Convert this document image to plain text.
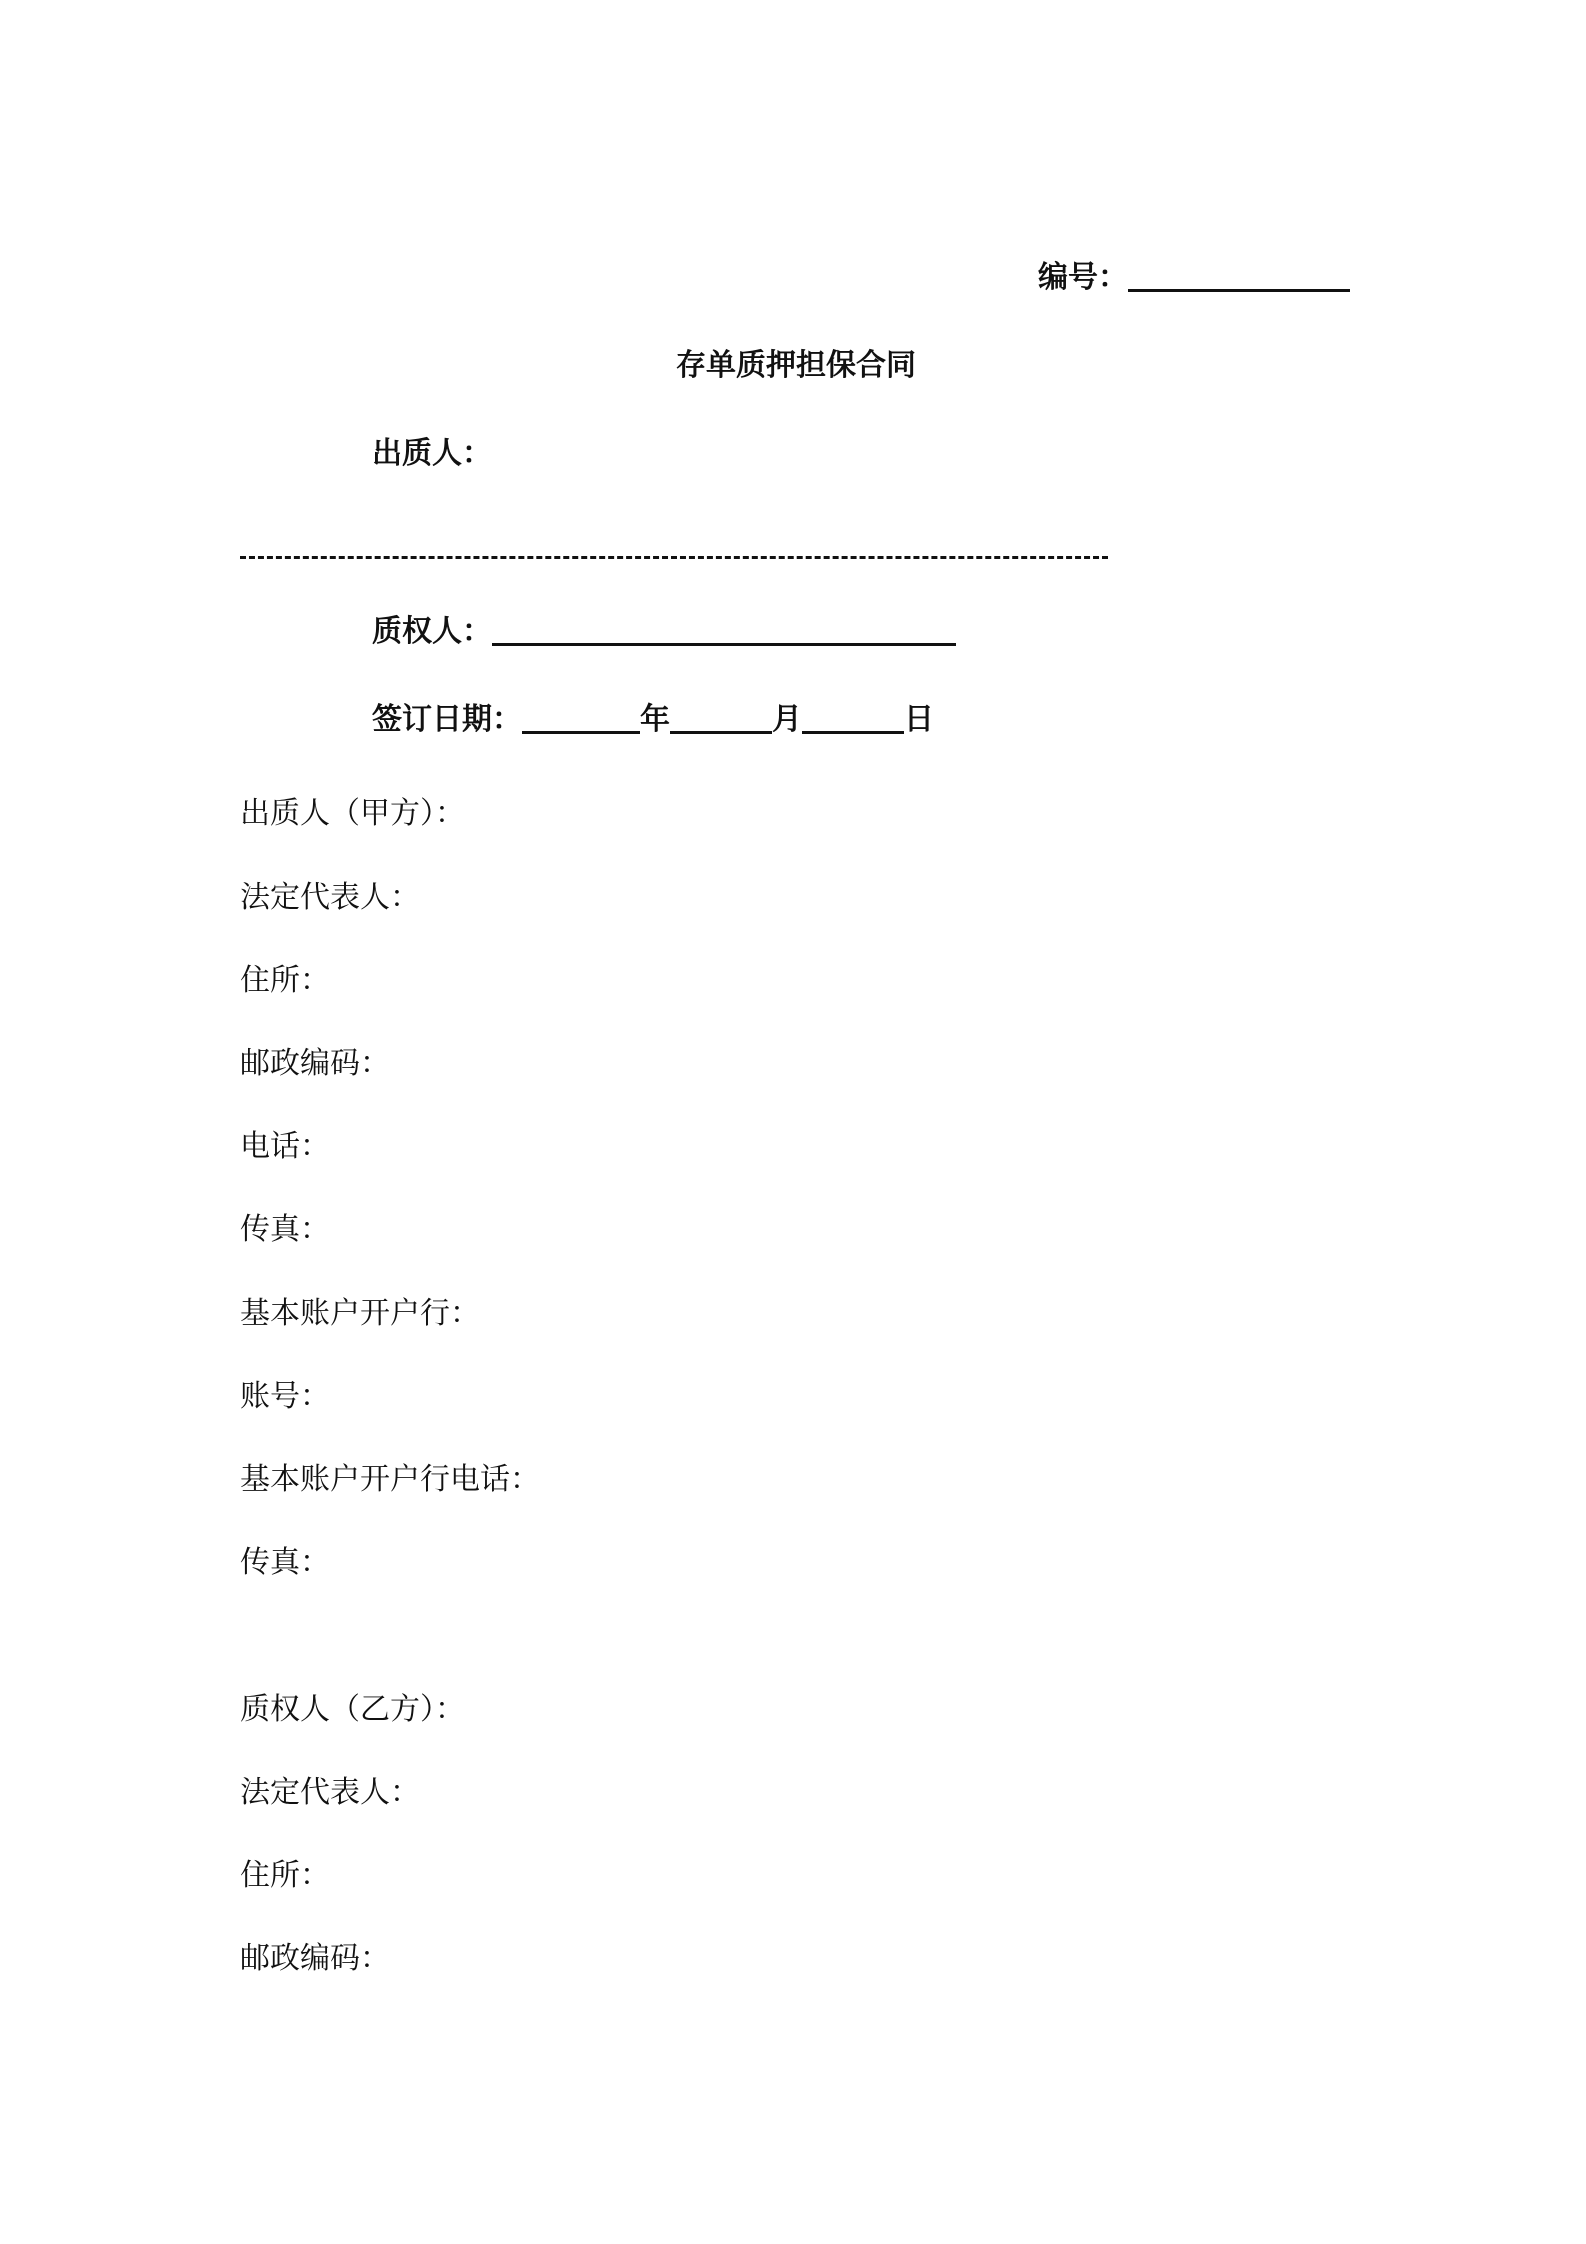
编号：
存单质押担保合同
出质人：
质权人：
签订日期：	年	月	日
出质人（甲方）：
法定代表人：
住所：
邮政编码：
电话：
传真：
基本账户开户行：
账号：
基本账户开户行电话：
传真：
质权人（乙方）：
法定代表人：
住所：
邮政编码：
